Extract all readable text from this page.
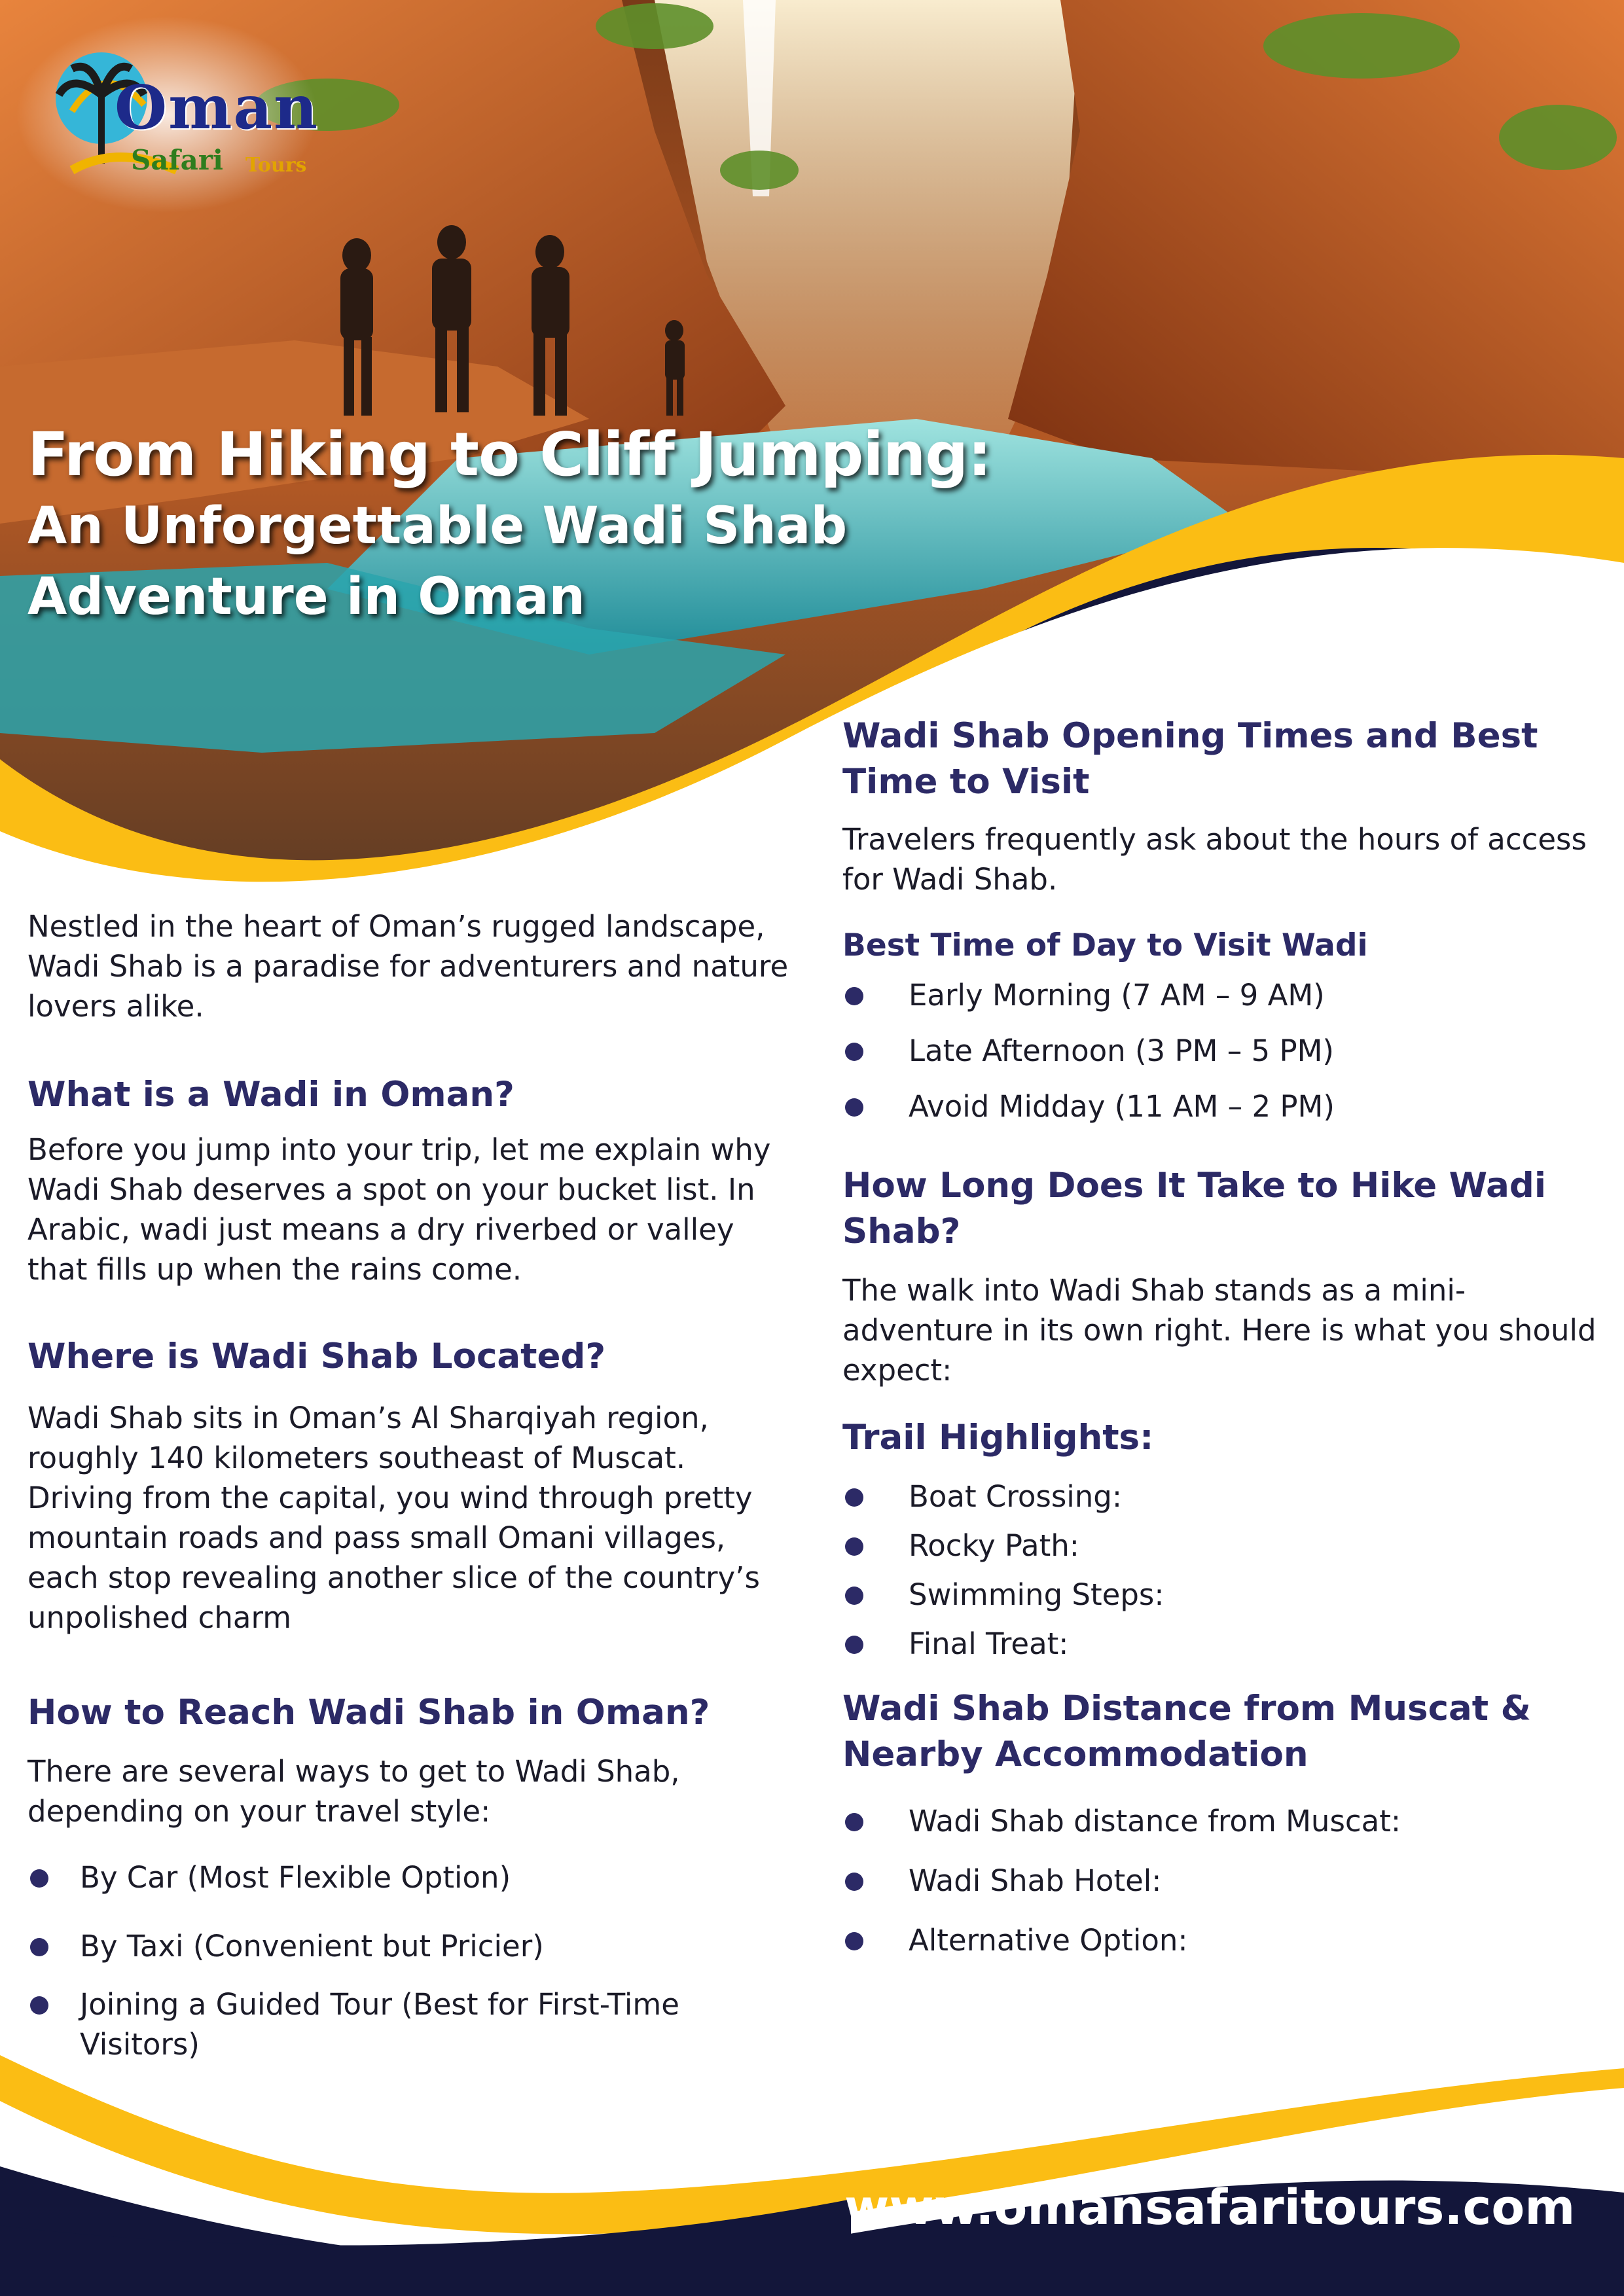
Oman
Safari Tours
From Hiking to Cliff Jumping:
An Unforgettable Wadi Shab Adventure in Oman

Nestled in the heart of Oman’s rugged landscape, Wadi Shab is a paradise for adventurers and nature lovers alike.

What is a Wadi in Oman?

Before you jump into your trip, let me explain why Wadi Shab deserves a spot on your bucket list. In Arabic, wadi just means a dry riverbed or valley that fills up when the rains come.

Where is Wadi Shab Located?

Wadi Shab sits in Oman’s Al Sharqiyah region, roughly 140 kilometers southeast of Muscat. Driving from the capital, you wind through pretty mountain roads and pass small Omani villages, each stop revealing another slice of the country’s unpolished charm

How to Reach Wadi Shab in Oman?

There are several ways to get to Wadi Shab, depending on your travel style:

By Car (Most Flexible Option)
By Taxi (Convenient but Pricier)
Joining a Guided Tour (Best for First-Time Visitors)
Wadi Shab Opening Times and Best Time to Visit

Travelers frequently ask about the hours of access for Wadi Shab.

Best Time of Day to Visit Wadi
Early Morning (7 AM – 9 AM)
Late Afternoon (3 PM – 5 PM)
Avoid Midday (11 AM – 2 PM)
How Long Does It Take to Hike Wadi Shab?

The walk into Wadi Shab stands as a mini-adventure in its own right. Here is what you should expect:

Trail Highlights:
Boat Crossing:
Rocky Path:
Swimming Steps:
Final Treat:
Wadi Shab Distance from Muscat & Nearby Accommodation
Wadi Shab distance from Muscat:
Wadi Shab Hotel:
Alternative Option:
www.omansafaritours.com
